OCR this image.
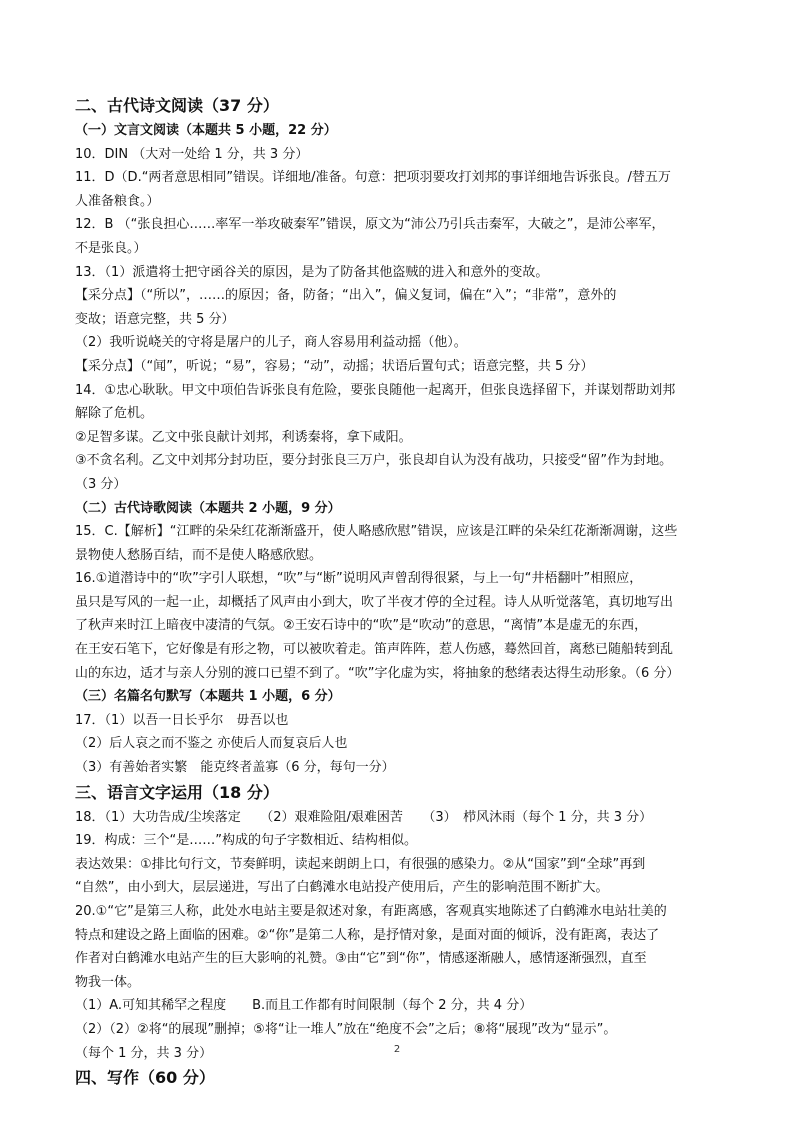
二、古代诗文阅读（37 分）

（一）文言文阅读（本题共 5 小题，22 分）

10．DIN （大对一处给 1 分，共 3 分）

11．D（D.“两者意思相同”错误。详细地/准备。句意：把项羽要攻打刘邦的事详细地告诉张良。/替五万

人准备粮食。）

12．B （“张良担心……率军一举攻破秦军”错误，原文为“沛公乃引兵击秦军，大破之”，是沛公率军，

不是张良。）

13．（1）派遣将士把守函谷关的原因，是为了防备其他盗贼的进入和意外的变故。

【采分点】（“所以”，……的原因；备，防备；“出入”，偏义复词，偏在“入”；“非常”，意外的

变故；语意完整，共 5 分）

（2）我听说峣关的守将是屠户的儿子，商人容易用利益动摇（他）。

【采分点】（“闻”，听说；“易”，容易；“动”，动摇；状语后置句式；语意完整，共 5 分）

14．①忠心耿耿。甲文中项伯告诉张良有危险，要张良随他一起离开，但张良选择留下，并谋划帮助刘邦

解除了危机。

②足智多谋。乙文中张良献计刘邦，利诱秦将，拿下咸阳。

③不贪名利。乙文中刘邦分封功臣，要分封张良三万户，张良却自认为没有战功，只接受“留”作为封地。

（3 分）

（二）古代诗歌阅读（本题共 2 小题，9 分）

15．C.【解析】“江畔的朵朵红花渐渐盛开，使人略感欣慰”错误，应该是江畔的朵朵红花渐渐凋谢，这些

景物使人愁肠百结，而不是使人略感欣慰。

16.①道潜诗中的“吹”字引人联想，“吹”与“断”说明风声曾刮得很紧，与上一句“井梧翻叶”相照应，

虽只是写风的一起一止，却概括了风声由小到大，吹了半夜才停的全过程。诗人从听觉落笔，真切地写出

了秋声来时江上暗夜中凄清的气氛。②王安石诗中的“吹”是“吹动”的意思，“离情”本是虚无的东西，

在王安石笔下，它好像是有形之物，可以被吹着走。笛声阵阵，惹人伤感，蓦然回首，离愁已随船转到乱

山的东边，适才与亲人分别的渡口已望不到了。“吹”字化虚为实，将抽象的愁绪表达得生动形象。（6 分）

（三）名篇名句默写（本题共 1 小题，6 分）

17．（1）以吾一日长乎尔　毋吾以也

（2）后人哀之而不鉴之 亦使后人而复哀后人也

（3）有善始者实繁　能克终者盖寡（6 分，每句一分）

三、语言文字运用（18 分）

18．（1）大功告成/尘埃落定　　（2）艰难险阻/艰难困苦　　（3）　栉风沐雨（每个 1 分，共 3 分）

19．构成：三个“是……”构成的句子字数相近、结构相似。

表达效果：①排比句行文，节奏鲜明，读起来朗朗上口，有很强的感染力。②从“国家”到“全球”再到

“自然”，由小到大，层层递进，写出了白鹤滩水电站投产使用后，产生的影响范围不断扩大。

20.①“它”是第三人称，此处水电站主要是叙述对象，有距离感，客观真实地陈述了白鹤滩水电站壮美的

特点和建设之路上面临的困难。②“你”是第二人称，是抒情对象，是面对面的倾诉，没有距离，表达了

作者对白鹤滩水电站产生的巨大影响的礼赞。③由“它”到“你”，情感逐渐融人，感情逐渐强烈，直至

物我一体。

（1）A.可知其稀罕之程度　　B.而且工作都有时间限制（每个 2 分，共 4 分）

（2）（2）②将“的展现”删掉；⑤将“让一堆人”放在“绝度不会”之后；⑧将“展现”改为“显示”。

（每个 1 分，共 3 分）

四、写作（60 分）

2
